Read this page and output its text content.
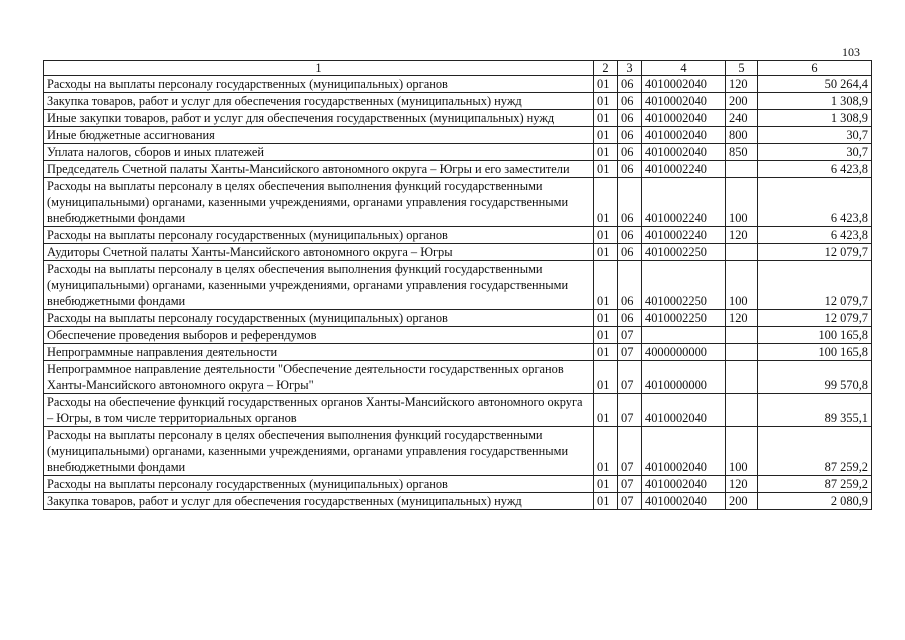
103
1	2	3	4	5	6
Расходы на выплаты персоналу государственных (муниципальных) органов	01	06	4010002040	120	50 264,4
Закупка товаров, работ и услуг для обеспечения государственных (муниципальных) нужд	01	06	4010002040	200	1 308,9
Иные закупки товаров, работ и услуг для обеспечения государственных (муниципальных) нужд	01	06	4010002040	240	1 308,9
Иные бюджетные ассигнования	01	06	4010002040	800	30,7
Уплата налогов, сборов и иных платежей	01	06	4010002040	850	30,7
Председатель Счетной палаты Ханты-Мансийского автономного округа – Югры и его заместители	01	06	4010002240		6 423,8
Расходы на выплаты персоналу в целях обеспечения выполнения функций государственными (муниципальными) органами, казенными учреждениями, органами управления государственными внебюджетными фондами	01	06	4010002240	100	6 423,8
Расходы на выплаты персоналу государственных (муниципальных) органов	01	06	4010002240	120	6 423,8
Аудиторы Счетной палаты Ханты-Мансийского автономного округа – Югры	01	06	4010002250		12 079,7
Расходы на выплаты персоналу в целях обеспечения выполнения функций государственными (муниципальными) органами, казенными учреждениями, органами управления государственными внебюджетными фондами	01	06	4010002250	100	12 079,7
Расходы на выплаты персоналу государственных (муниципальных) органов	01	06	4010002250	120	12 079,7
Обеспечение проведения выборов и референдумов	01	07			100 165,8
Непрограммные направления деятельности	01	07	4000000000		100 165,8
Непрограммное направление деятельности "Обеспечение деятельности государственных органов Ханты-Мансийского автономного округа – Югры"	01	07	4010000000		99 570,8
Расходы на обеспечение функций государственных органов Ханты-Мансийского автономного округа – Югры, в том числе территориальных органов	01	07	4010002040		89 355,1
Расходы на выплаты персоналу в целях обеспечения выполнения функций государственными (муниципальными) органами, казенными учреждениями, органами управления государственными внебюджетными фондами	01	07	4010002040	100	87 259,2
Расходы на выплаты персоналу государственных (муниципальных) органов	01	07	4010002040	120	87 259,2
Закупка товаров, работ и услуг для обеспечения государственных (муниципальных) нужд	01	07	4010002040	200	2 080,9
